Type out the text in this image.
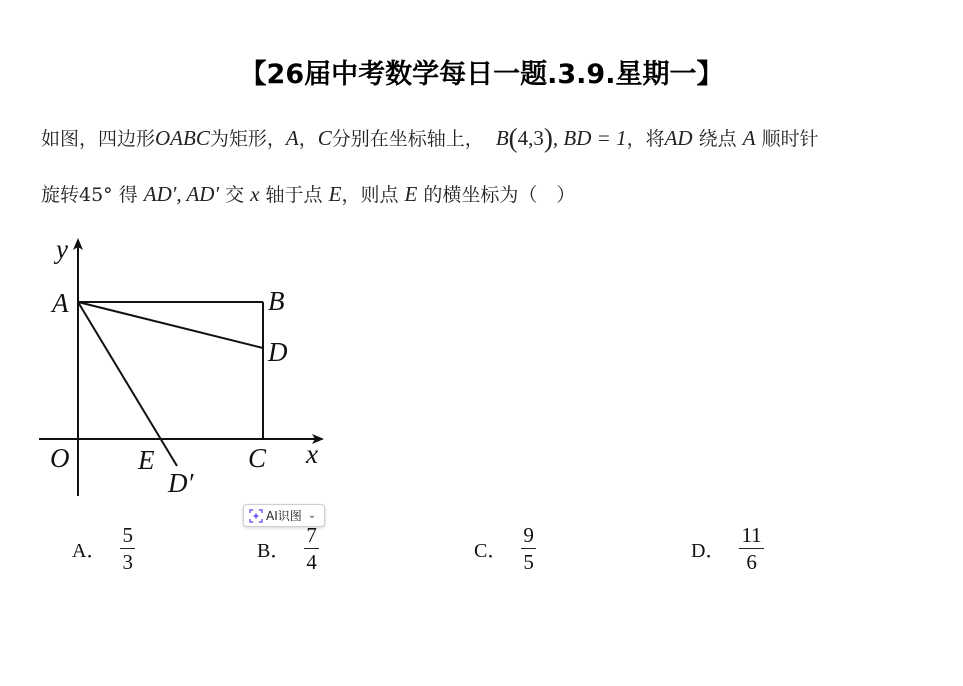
【26届中考数学每日一题.3.9.星期一】
如图，四边形OABC为矩形，A，C分别在坐标轴上， B(4,3), BD = 1，将AD 绕点 A 顺时针
旋转45° 得 AD′, AD′ 交 x 轴于点 E，则点 E 的横坐标为（　）
y
A	B
D
O	E	C x
D′
AI识图 ⌄
A． $\frac{5}{3}$	B． $\frac{7}{4}$	C． $\frac{9}{5}$	D． $\frac{11}{6}$
